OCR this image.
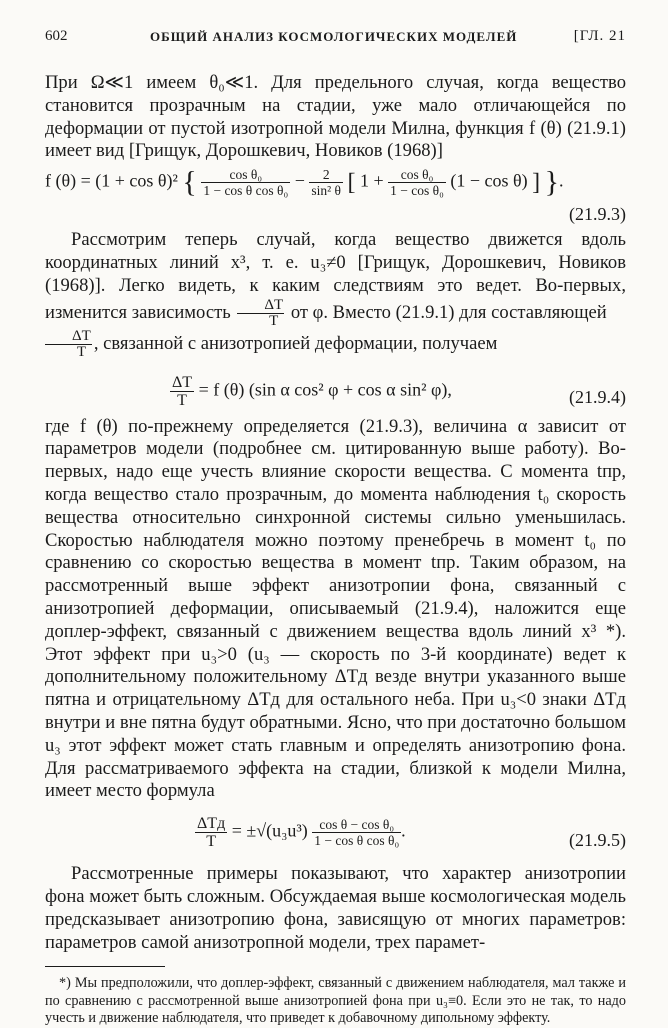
602	ОБЩИЙ АНАЛИЗ КОСМОЛОГИЧЕСКИХ МОДЕЛЕЙ	[ГЛ. 21

При Ω≪1 имеем θ₀≪1. Для предельного случая, когда вещество становится прозрачным на стадии, уже мало отличающейся по деформации от пустой изотропной модели Милна, функция f (θ) (21.9.1) имеет вид [Грищук, Дорошкевич, Новиков (1968)]

f (θ) = (1 + cos θ)² { $\frac{\text{cos θ₀}}{\text{1 − cos θ cos θ₀}} - \frac{2}{\text{sin² θ}}$ [ $1 + \frac{\text{cos θ₀}}{\text{1 − cos θ₀}} (1 - \cos \theta)$ ] }.
(21.9.3)

Рассмотрим теперь случай, когда вещество движется вдоль координатных линий x³, т. е. u₃≠0 [Грищук, Дорошкевич, Новиков (1968)]. Легко видеть, к каким следствиям это ведет. Во-первых, изменится зависимость $\frac{\Delta T}{T}$ от φ. Вместо (21.9.1) для составляющей

$\frac{\Delta T}{T}$ , связанной с анизотропией деформации, получаем

$\frac{\Delta T}{T} = f$ (θ) (sin α cos² φ + cos α sin² φ),	(21.9.4)

где f (θ) по-прежнему определяется (21.9.3), величина α зависит от параметров модели (подробнее см. цитированную выше работу). Во-первых, надо еще учесть влияние скорости вещества. С момента tпр, когда вещество стало прозрачным, до момента наблюдения t₀ скорость вещества относительно синхронной системы сильно уменьшилась. Скоростью наблюдателя можно поэтому пренебречь в момент t₀ по сравнению со скоростью вещества в момент tпр. Таким образом, на рассмотренный выше эффект анизотропии фона, связанный с анизотропией деформации, описываемый (21.9.4), наложится еще доплер-эффект, связанный с движением вещества вдоль линий x³ *). Этот эффект при u₃>0 (u₃ — скорость по 3-й координате) ведет к дополнительному положительному ΔTд везде внутри указанного выше пятна и отрицательному ΔTд для остального неба. При u₃<0 знаки ΔTд внутри и вне пятна будут обратными. Ясно, что при достаточно большом u₃ этот эффект может стать главным и определять анизотропию фона. Для рассматриваемого эффекта на стадии, близкой к модели Милна, имеет место формула

ΔTд
T
= $\pm√(u_3u^3) \frac{\text{cos θ − cos θ₀}}{\text{1 − cos θ cos θ₀}}$ .	(21.9.5)

Рассмотренные примеры показывают, что характер анизотропии фона может быть сложным. Обсуждаемая выше космологическая модель предсказывает анизотропию фона, зависящую от многих параметров: параметров самой анизотропной модели, трех парамет-

*) Мы предположили, что доплер-эффект, связанный с движением наблюдателя, мал также и по сравнению с рассмотренной выше анизотропией фона при u₃≡0. Если это не так, то надо учесть и движение наблюдателя, что приведет к добавочному дипольному эффекту.
